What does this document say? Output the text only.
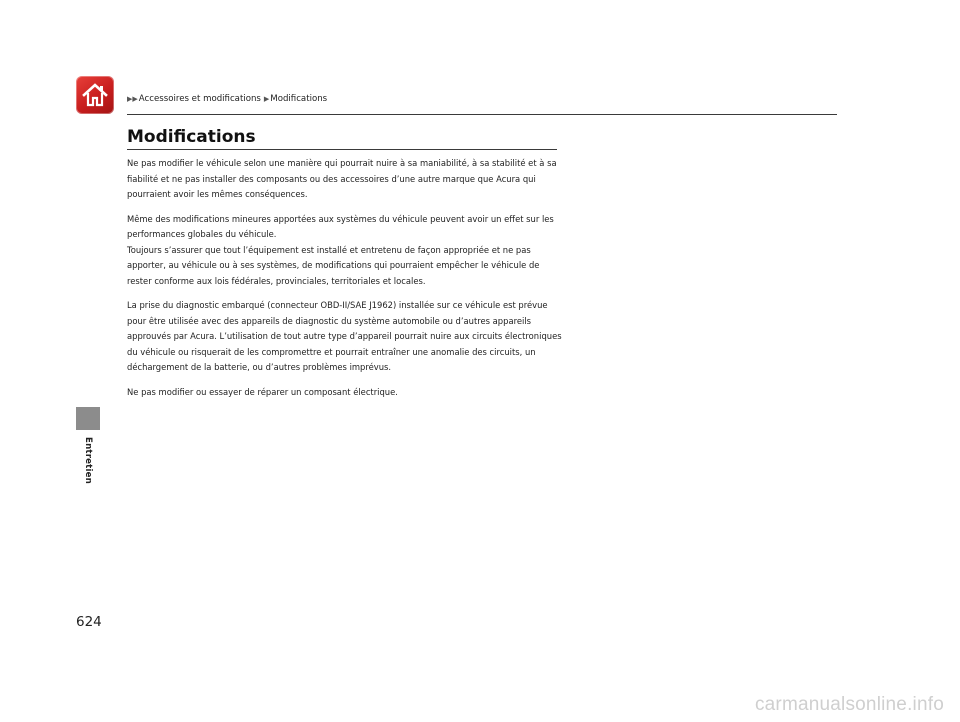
▶▶ Accessoires et modifications ▶ Modifications
Modifications

Ne pas modifier le véhicule selon une manière qui pourrait nuire à sa maniabilité, à sa stabilité et à sa fiabilité et ne pas installer des composants ou des accessoires d’une autre marque que Acura qui pourraient avoir les mêmes conséquences.

Même des modifications mineures apportées aux systèmes du véhicule peuvent avoir un effet sur les performances globales du véhicule.
Toujours s’assurer que tout l’équipement est installé et entretenu de façon appropriée et ne pas apporter, au véhicule ou à ses systèmes, de modifications qui pourraient empêcher le véhicule de rester conforme aux lois fédérales, provinciales, territoriales et locales.

La prise du diagnostic embarqué (connecteur OBD-II/SAE J1962) installée sur ce véhicule est prévue pour être utilisée avec des appareils de diagnostic du système automobile ou d’autres appareils approuvés par Acura. L’utilisation de tout autre type d’appareil pourrait nuire aux circuits électroniques du véhicule ou risquerait de les compromettre et pourrait entraîner une anomalie des circuits, un déchargement de la batterie, ou d’autres problèmes imprévus.

Ne pas modifier ou essayer de réparer un composant électrique.

Entretien
624
carmanualsonline.info
